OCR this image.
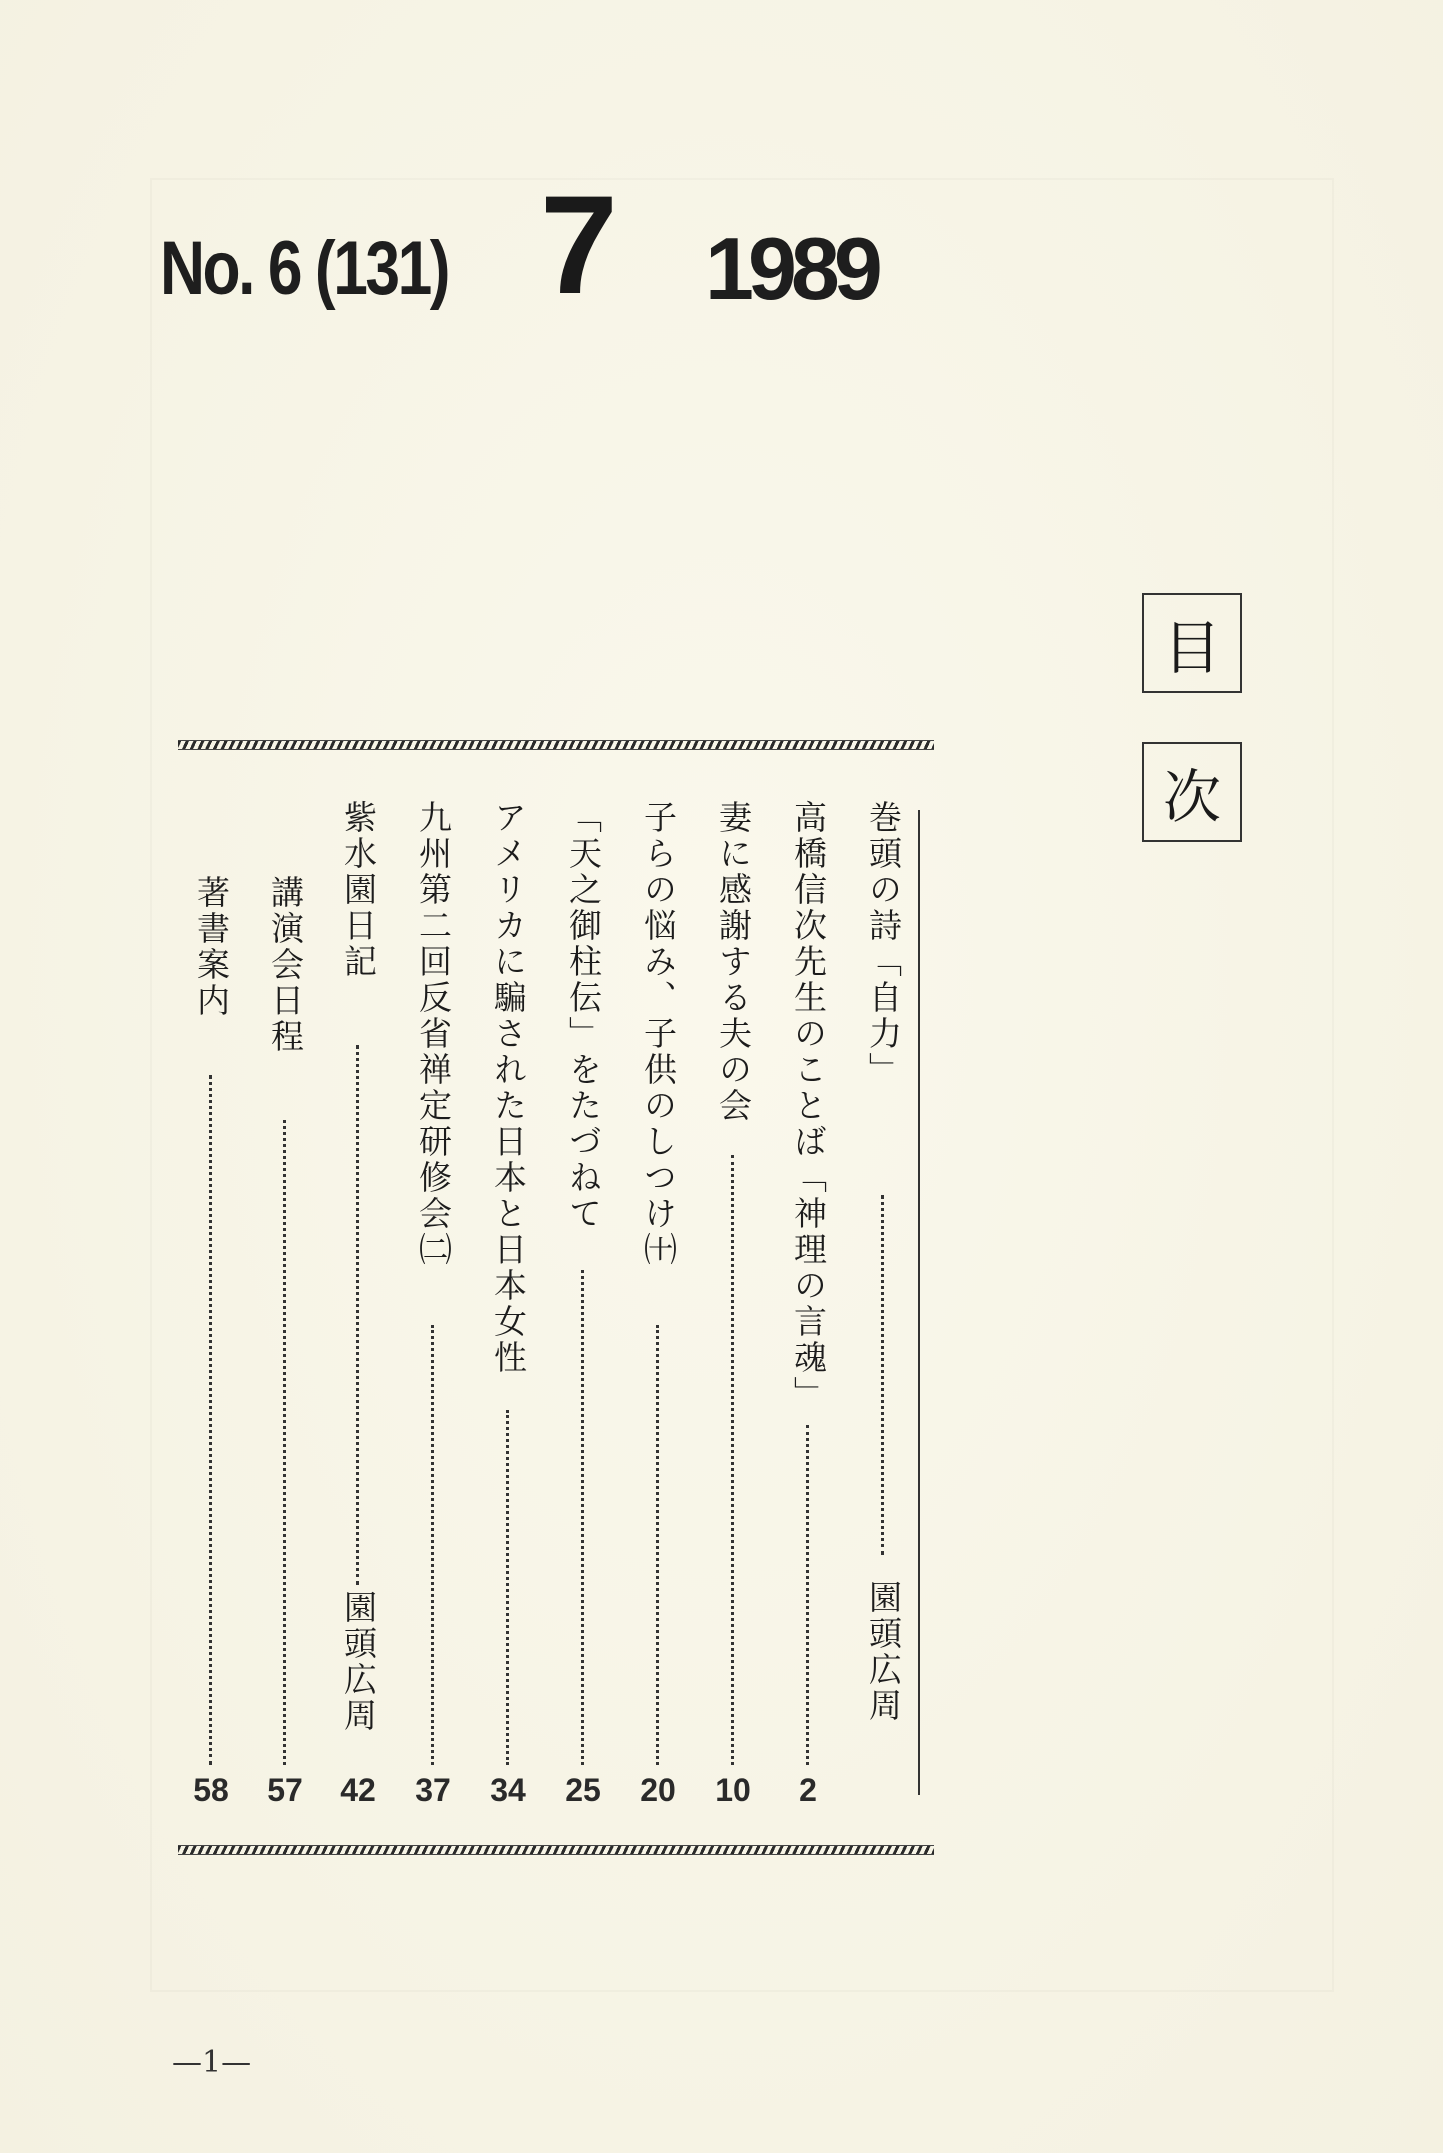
No. 6 (131) 7 1989
目
次
巻頭の詩「自力」
園頭広周
高橋信次先生のことば「神理の言魂」
2
妻に感謝する夫の会
10
子らの悩み、子供のしつけ㈩
20
「天之御柱伝」をたづねて
25
アメリカに騙された日本と日本女性
34
九州第二回反省禅定研修会㈡
37
紫水園日記
園頭広周
42
講演会日程
57
著書案内
58
—1—
